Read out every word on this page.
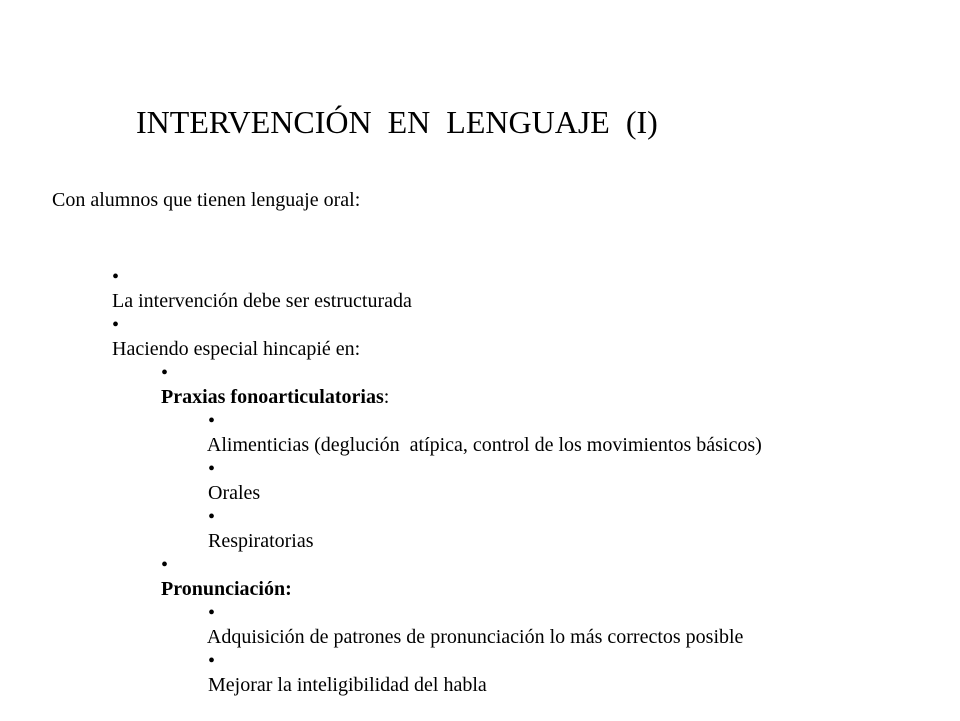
INTERVENCIÓN  EN  LENGUAJE  (I)
Con alumnos que tienen lenguaje oral:

•
La intervención debe ser estructurada

•
Haciendo especial hincapié en:

•
Praxias fonoarticulatorias:

•
Alimenticias (deglución  atípica, control de los movimientos básicos)

•
Orales

•
Respiratorias

•
Pronunciación:

•
Adquisición de patrones de pronunciación lo más correctos posible

•
Mejorar la inteligibilidad del habla
